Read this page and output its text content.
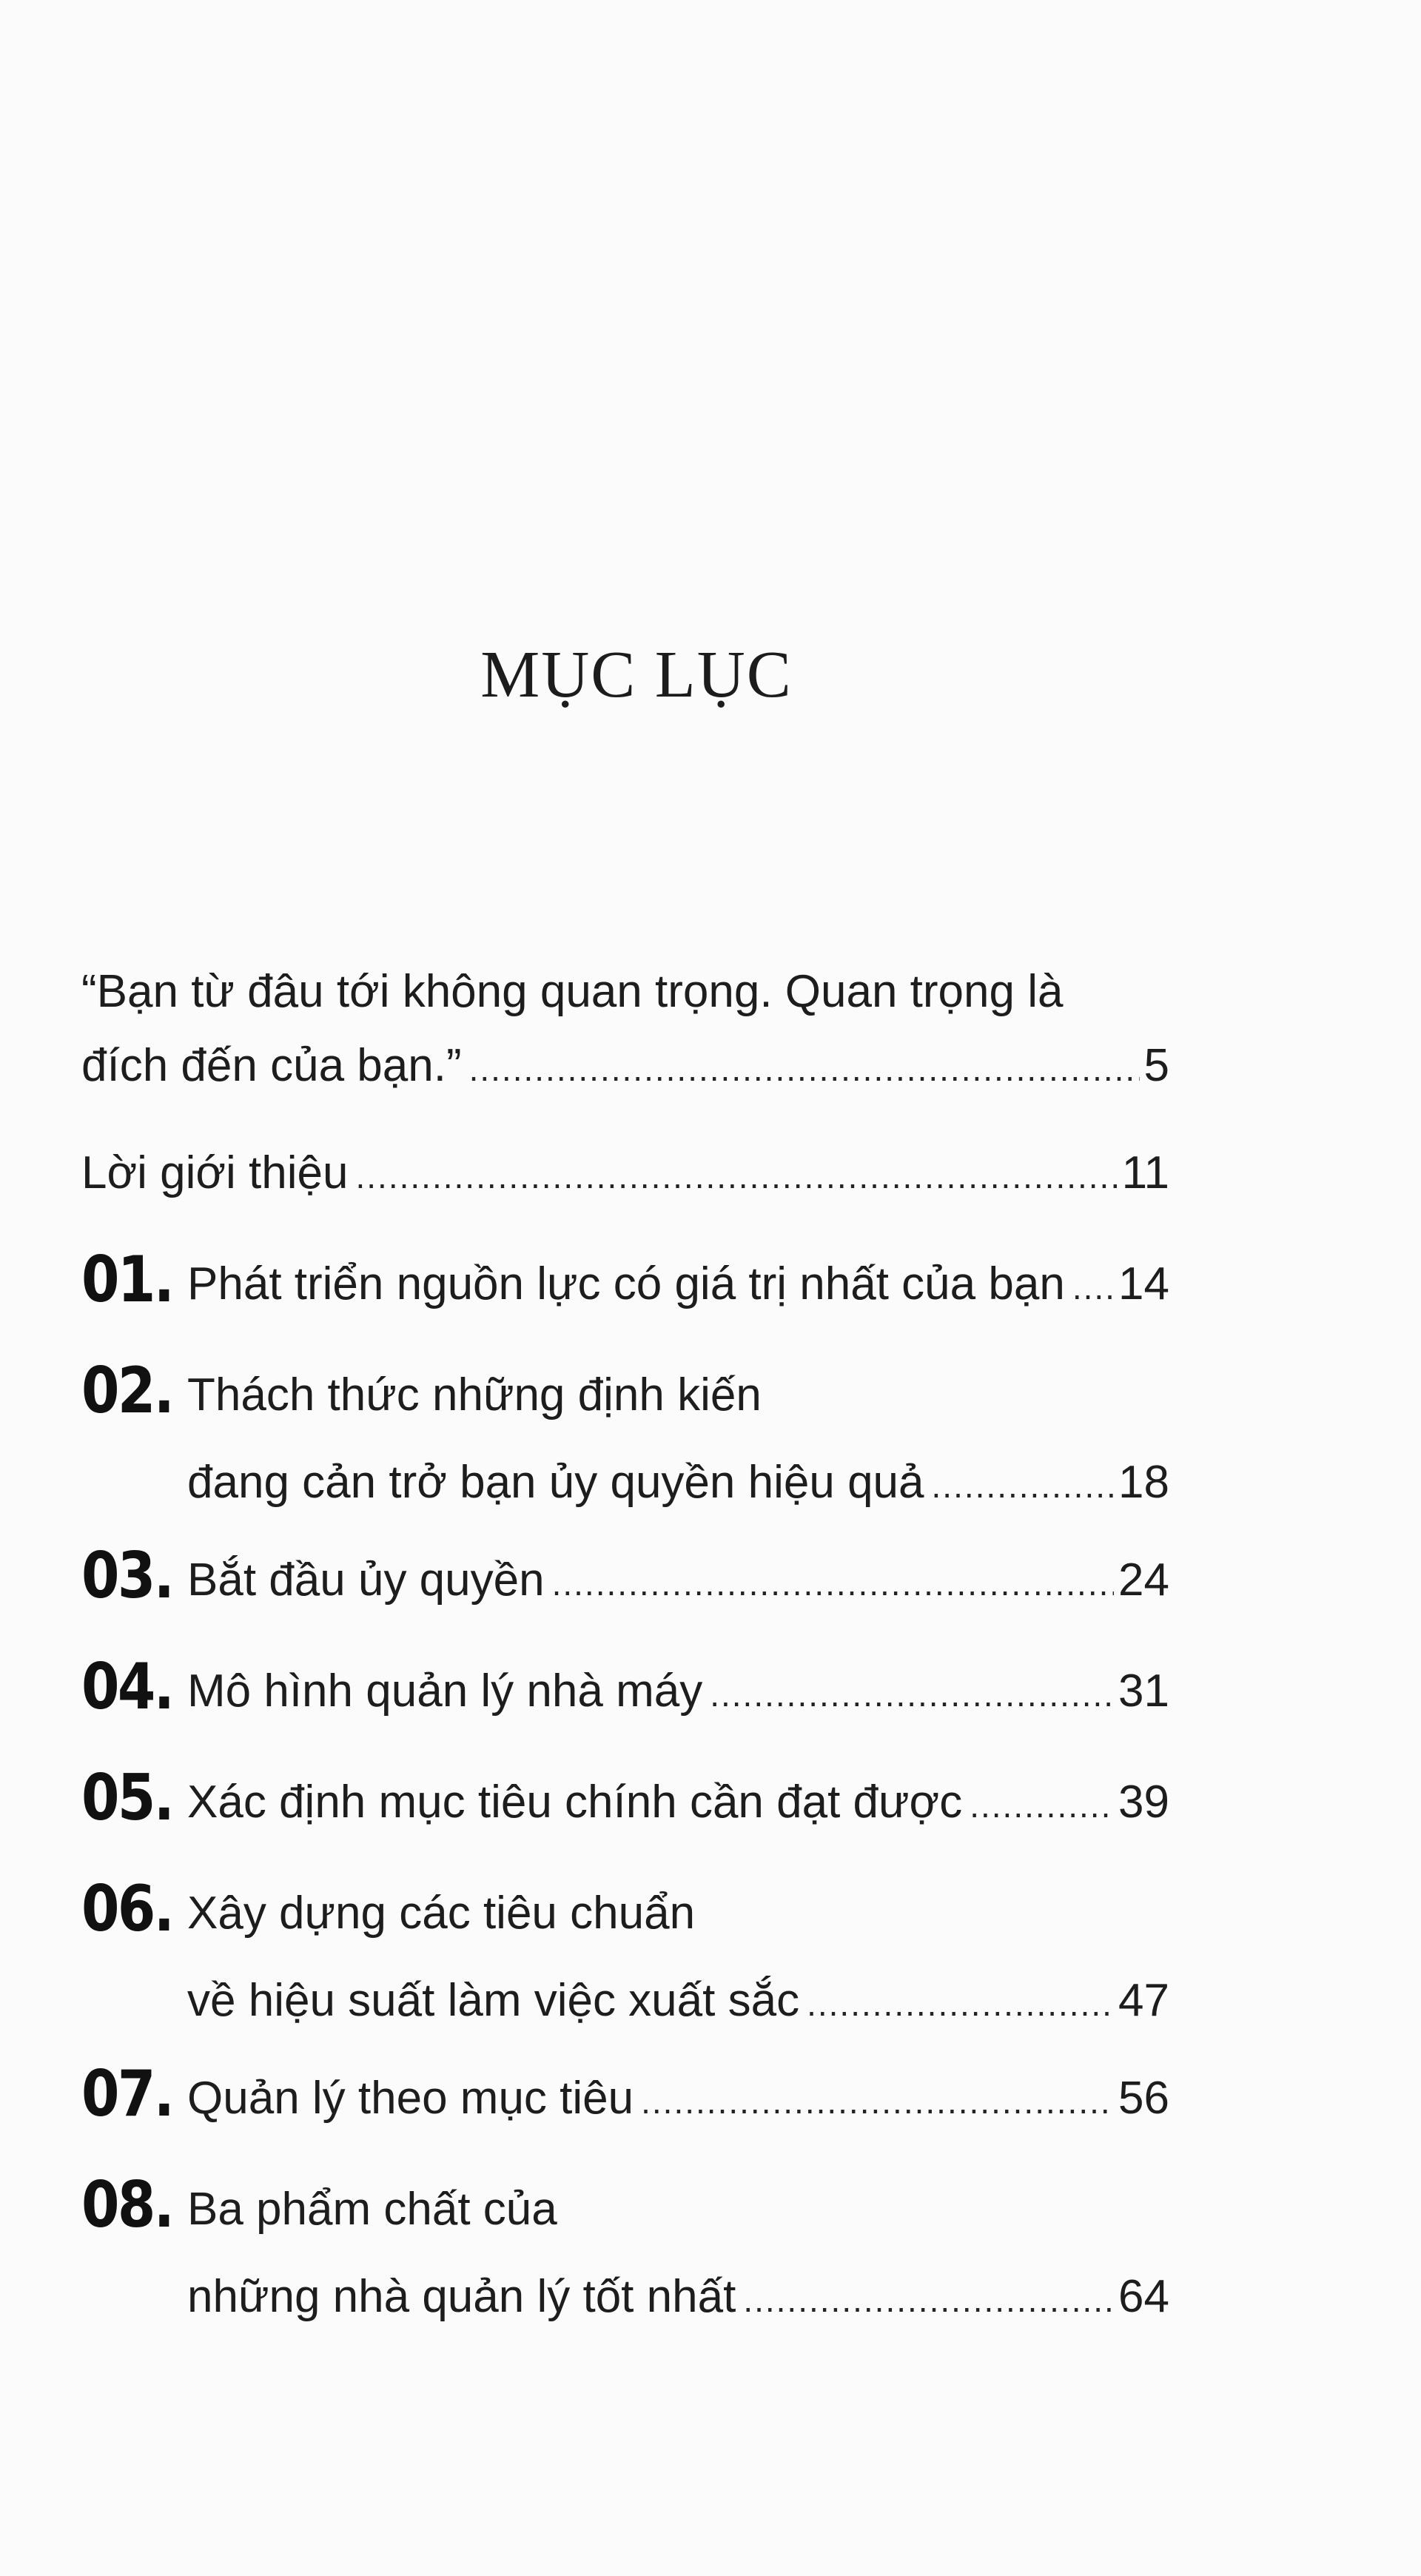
MỤC LỤC
“Bạn từ đâu tới không quan trọng. Quan trọng là
đích đến của bạn.” .....	5
Lời giới thiệu .....	11
01. Phát triển nguồn lực có giá trị nhất của bạn ..... 14
02. Thách thức những định kiến
đang cản trở bạn ủy quyền hiệu quả .....	18
03. Bắt đầu ủy quyền .....	24
04. Mô hình quản lý nhà máy .....	31
05. Xác định mục tiêu chính cần đạt được .....	39
06. Xây dựng các tiêu chuẩn
về hiệu suất làm việc xuất sắc .....	47
07. Quản lý theo mục tiêu .....	56
08. Ba phẩm chất của
những nhà quản lý tốt nhất .....	64
